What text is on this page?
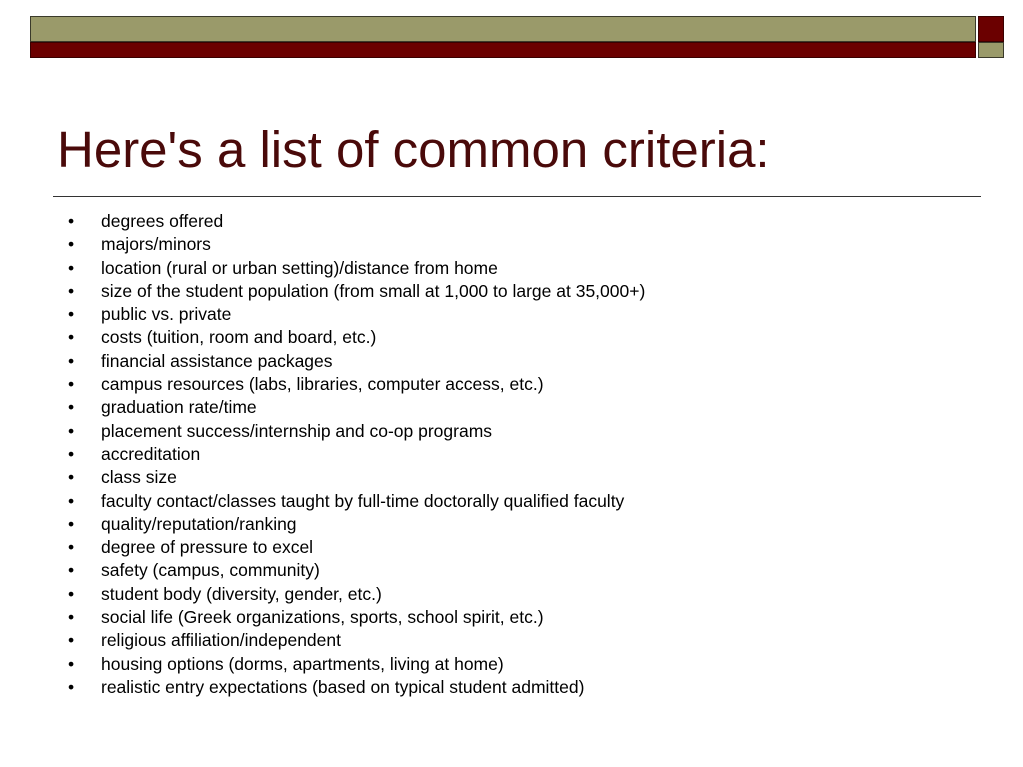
Here's a list of common criteria:
• degrees offered
• majors/minors
• location (rural or urban setting)/distance from home
• size of the student population (from small at 1,000 to large at 35,000+)
• public vs. private
• costs (tuition, room and board, etc.)
• financial assistance packages
• campus resources (labs, libraries, computer access, etc.)
• graduation rate/time
• placement success/internship and co-op programs
• accreditation
• class size
• faculty contact/classes taught by full-time doctorally qualified faculty
• quality/reputation/ranking
• degree of pressure to excel
• safety (campus, community)
• student body (diversity, gender, etc.)
• social life (Greek organizations, sports, school spirit, etc.)
• religious affiliation/independent
• housing options (dorms, apartments, living at home)
• realistic entry expectations (based on typical student admitted)
